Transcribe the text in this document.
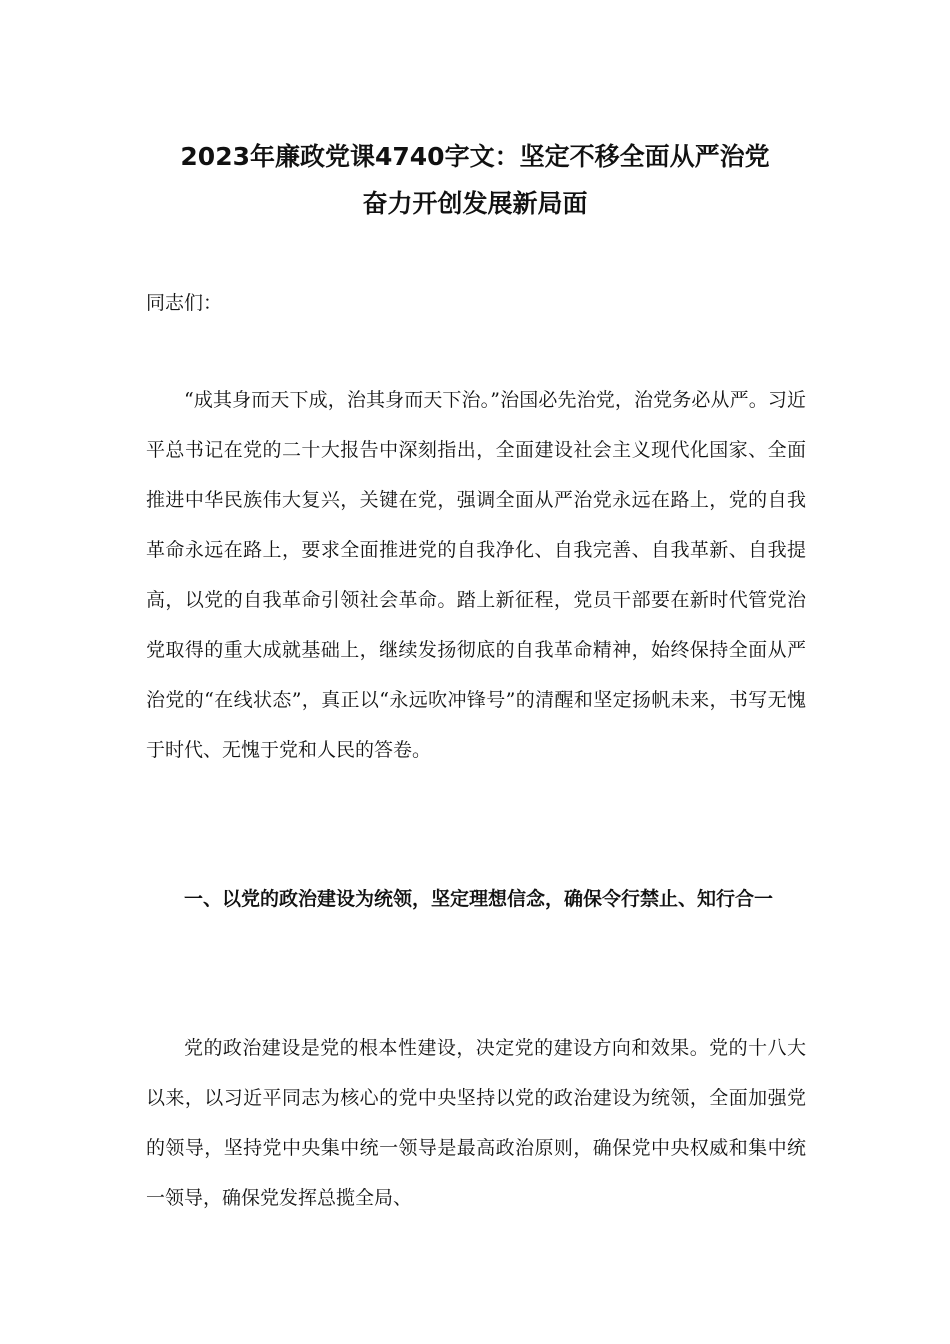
2023年廉政党课4740字文：坚定不移全面从严治党
奋力开创发展新局面

同志们：

“成其身而天下成，治其身而天下治。”治国必先治党，治党务必从严。习近平总书记在党的二十大报告中深刻指出，全面建设社会主义现代化国家、全面推进中华民族伟大复兴，关键在党，强调全面从严治党永远在路上，党的自我革命永远在路上，要求全面推进党的自我净化、自我完善、自我革新、自我提高，以党的自我革命引领社会革命。踏上新征程，党员干部要在新时代管党治党取得的重大成就基础上，继续发扬彻底的自我革命精神，始终保持全面从严治党的“在线状态”，真正以“永远吹冲锋号”的清醒和坚定扬帆未来，书写无愧于时代、无愧于党和人民的答卷。

一、以党的政治建设为统领，坚定理想信念，确保令行禁止、知行合一

党的政治建设是党的根本性建设，决定党的建设方向和效果。党的十八大以来，以习近平同志为核心的党中央坚持以党的政治建设为统领，全面加强党的领导，坚持党中央集中统一领导是最高政治原则，确保党中央权威和集中统一领导，确保党发挥总揽全局、
